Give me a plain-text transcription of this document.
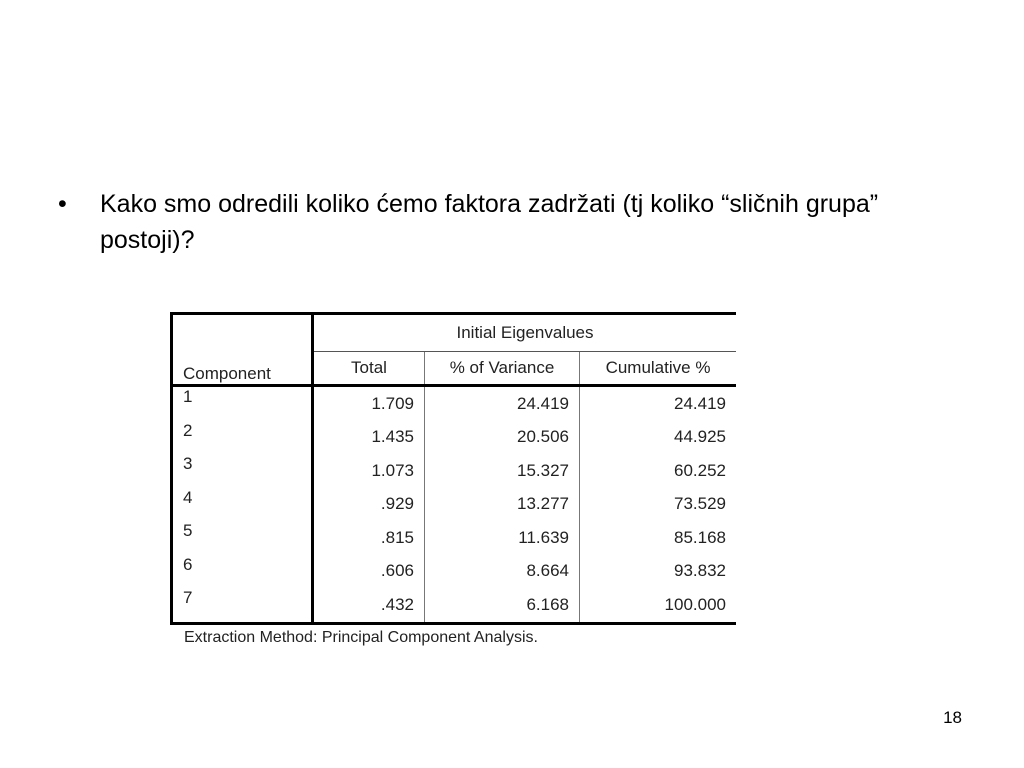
• Kako smo odredili koliko ćemo faktora zadržati (tj koliko “sličnih grupa” postoji)?
Component	Initial Eigenvalues		
	Total	% of Variance	Cumulative %
1	1.709	24.419	24.419
2	1.435	20.506	44.925
3	1.073	15.327	60.252
4	.929	13.277	73.529
5	.815	11.639	85.168
6	.606	8.664	93.832
7	.432	6.168	100.000
Extraction Method: Principal Component Analysis.
18
